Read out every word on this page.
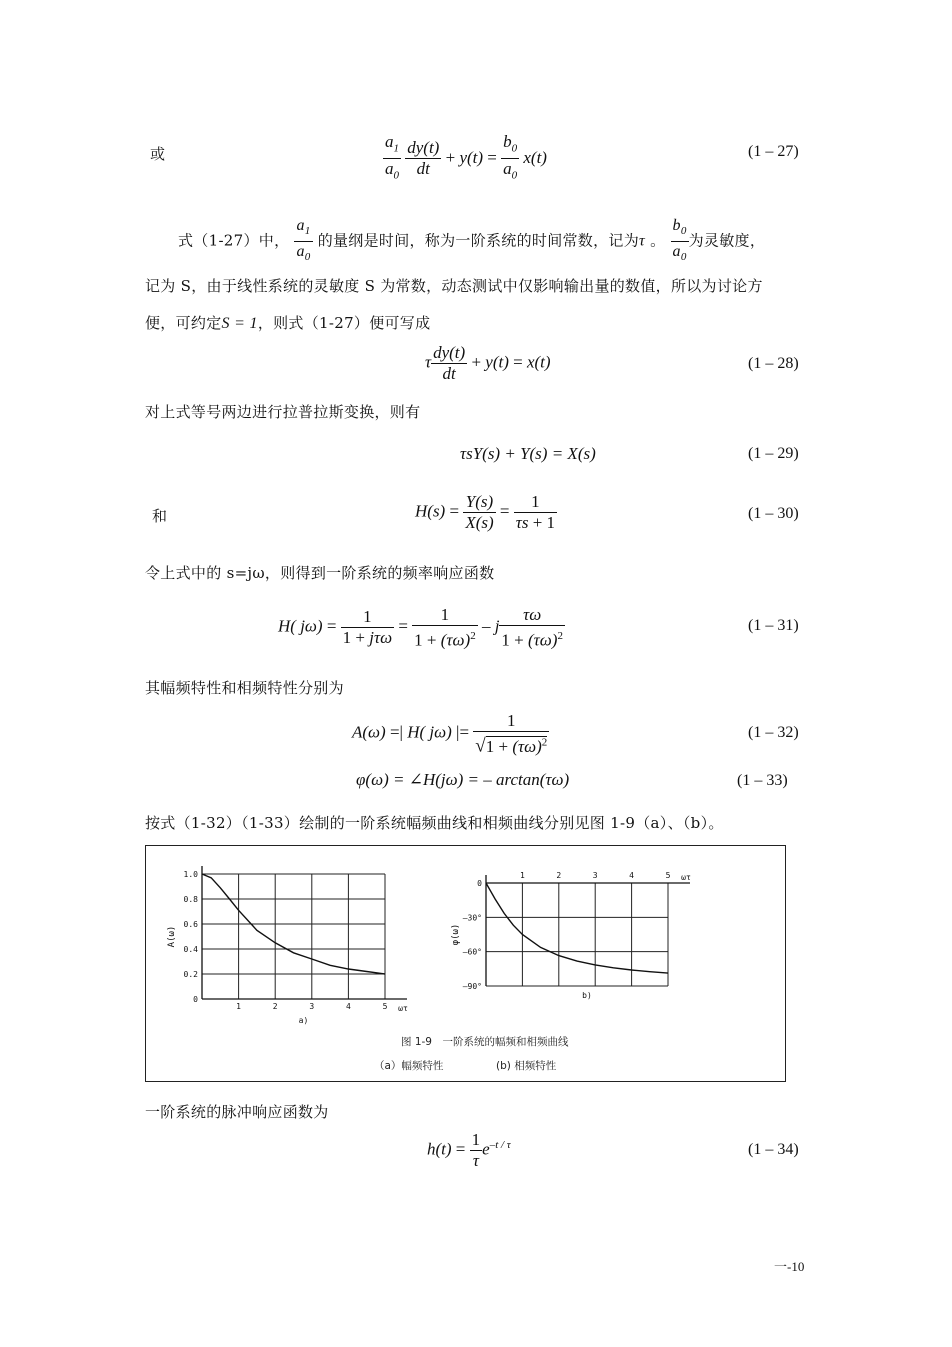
或	$\frac{a_1}{a_0}$
$\frac{dy(t)}{dt} + y(t) = \frac{b_0}{a_0} x(t)$	(1 – 27)
式（1-27）中， $\frac{a_1}{a_0}$ 的量纲是时间，称为一阶系统的时间常数，记为τ 。 $\frac{b_0}{a_0}$ 为灵敏度，
记为 S，由于线性系统的灵敏度 S 为常数，动态测试中仅影响输出量的数值，所以为讨论方
便，可约定S = 1，则式（1-27）便可写成
τ $\frac{dy(t)}{dt} + y(t) = x(t)$	(1 – 28)
对上式等号两边进行拉普拉斯变换，则有
τsY(s) + Y(s) = X(s)	(1 – 29)
和	$H(s) = \frac{Y(s)}{X(s)} = \frac{1}{\tau s + 1}$	(1 – 30)
令上式中的 s=jω，则得到一阶系统的频率响应函数
H( $j\omega) = \frac{1}{\text{1 + jτω}} = \frac{1}{1 + (\tau\omega)^2} - j \frac{\tau\omega}{1 + (\tau\omega)^2}$	(1 – 31)
其幅频特性和相频特性分别为
A(ω) =| H( jω) |= $\frac{1}{√1 + (\tau\omega)^2}$	(1 – 32)
φ(ω) = ∠H(jω) = – arctan(τω)	(1 – 33)
按式（1-32）（1-33）绘制的一阶系统幅频曲线和相频曲线分别见图 1-9（a）、（b）。
1	2	3	4	5 ωτ
1.0
0.8
0.6
0.4
0.2
0
A(ω)
a)
1	2	3	4	5 ωτ
0
–30°
–60°
–90°
φ(ω)
b)
图 1-9　一阶系统的幅频和相频曲线
（a）幅频特性	(b) 相频特性
一阶系统的脉冲响应函数为
$h(t) = \frac{1}{\tau} e^{-t / \tau}$	(1 – 34)
一-10
